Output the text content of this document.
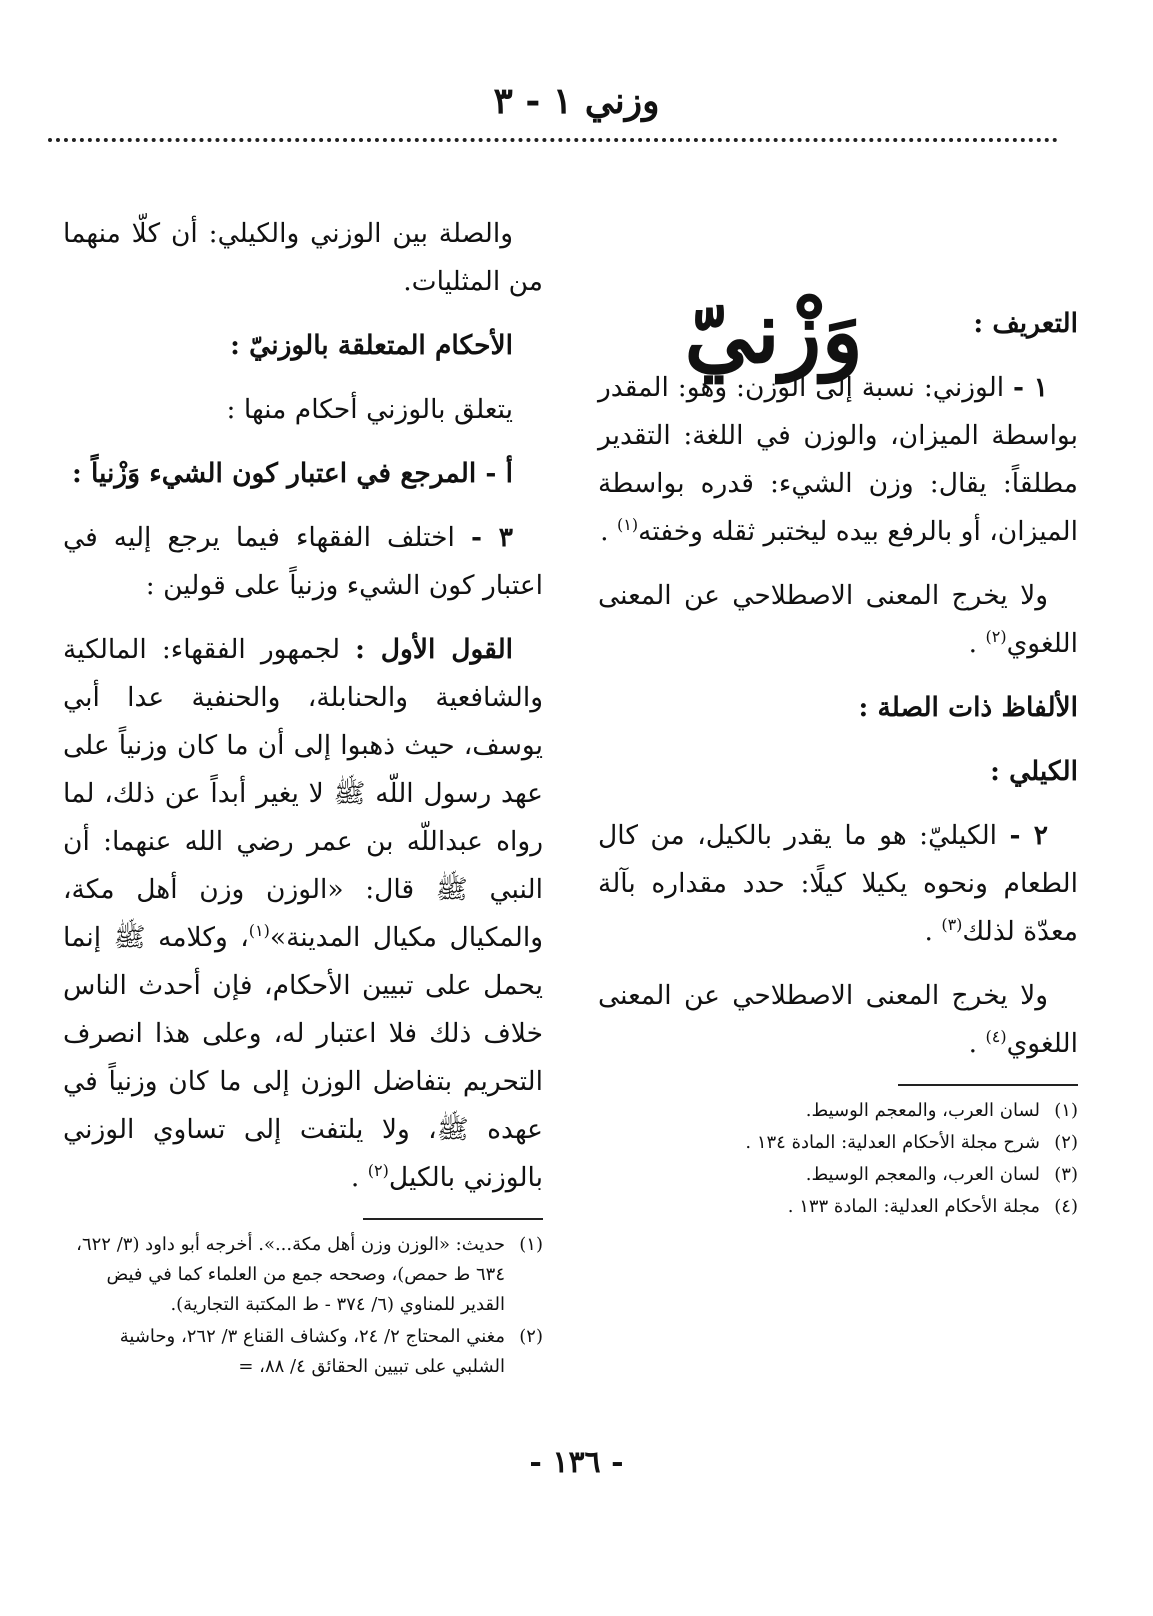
وزني ١ - ٣
وَزْنيّ	التعريف :

١ - الوزني: نسبة إلى الوزن: وهو: المقدر بواسطة الميزان، والوزن في اللغة: التقدير مطلقاً: يقال: وزن الشيء: قدره بواسطة الميزان، أو بالرفع بيده ليختبر ثقله وخفته$^{(١)}$ .

ولا يخرج المعنى الاصطلاحي عن المعنى اللغوي$^{(٢)}$ .

الألفاظ ذات الصلة :

الكيلي :

٢ - الكيليّ: هو ما يقدر بالكيل، من كال الطعام ونحوه يكيلا كيلًا: حدد مقداره بآلة معدّة لذلك$^{(٣)}$ .

ولا يخرج المعنى الاصطلاحي عن المعنى اللغوي$^{(٤)}$ .

(١)
لسان العرب، والمعجم الوسيط.
(٢)
شرح مجلة الأحكام العدلية: المادة ١٣٤ .
(٣)
لسان العرب، والمعجم الوسيط.
(٤)
مجلة الأحكام العدلية: المادة ١٣٣ .

والصلة بين الوزني والكيلي: أن كلّا منهما من المثليات.

الأحكام المتعلقة بالوزنيّ :

يتعلق بالوزني أحكام منها :

أ - المرجع في اعتبار كون الشيء وَزْنياً :

٣ - اختلف الفقهاء فيما يرجع إليه في اعتبار كون الشيء وزنياً على قولين :

القول الأول : لجمهور الفقهاء: المالكية والشافعية والحنابلة، والحنفية عدا أبي يوسف، حيث ذهبوا إلى أن ما كان وزنياً على عهد رسول اللّه ﷺ لا يغير أبداً عن ذلك، لما رواه عبداللّه بن عمر رضي الله عنهما: أن النبي ﷺ قال: «الوزن وزن أهل مكة، والمكيال مكيال المدينة»$^{(١)}$، وكلامه ﷺ إنما يحمل على تبيين الأحكام، فإن أحدث الناس خلاف ذلك فلا اعتبار له، وعلى هذا انصرف التحريم بتفاضل الوزن إلى ما كان وزنياً في عهده ﷺ، ولا يلتفت إلى تساوي الوزني بالوزني بالكيل$^{(٢)}$ .

(١)
حديث: «الوزن وزن أهل مكة...». أخرجه أبو داود (٣/ ٦٢٢، ٦٣٤ ط حمص)، وصححه جمع من العلماء كما في فيض القدير للمناوي (٦/ ٣٧٤ - ط المكتبة التجارية).
(٢)
مغني المحتاج ٢/ ٢٤، وكشاف القناع ٣/ ٢٦٢، وحاشية الشلبي على تبيين الحقائق ٤/ ٨٨، =
- ١٣٦ -
